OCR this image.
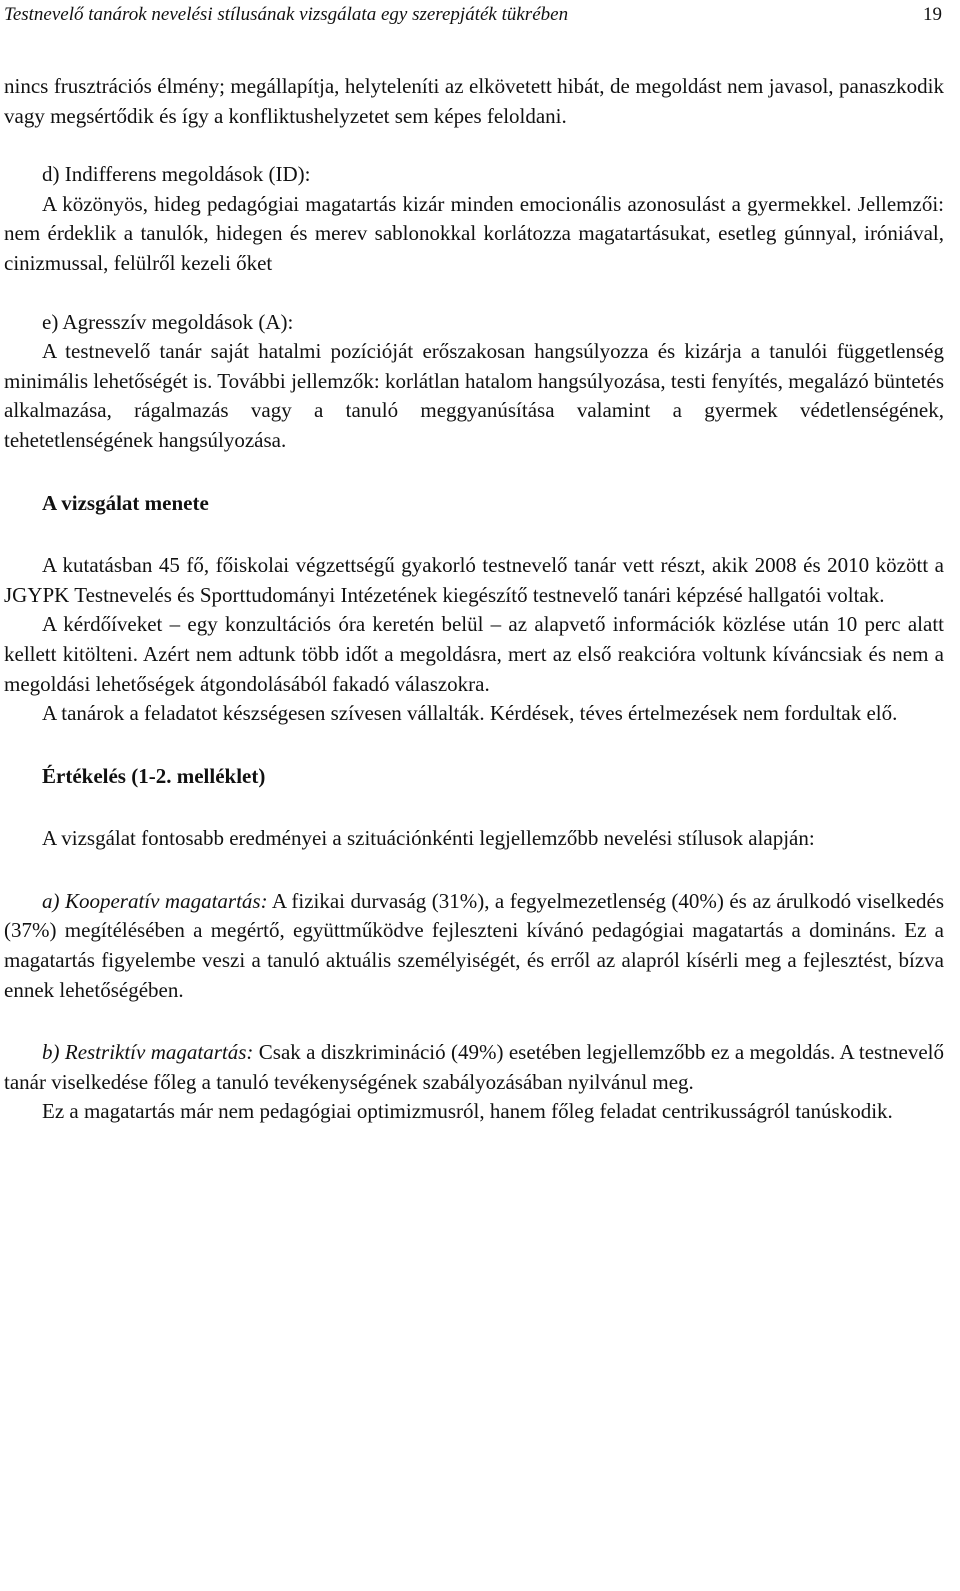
Testnevelő tanárok nevelési stílusának vizsgálata egy szerepjáték tükrében	19

nincs frusztrációs élmény; megállapítja, helyteleníti az elkövetett hibát, de megoldást nem javasol, panaszkodik vagy megsértődik és így a konfliktushelyzetet sem képes feloldani.

d) Indifferens megoldások (ID):

A közönyös, hideg pedagógiai magatartás kizár minden emocionális azonosulást a gyermekkel. Jellemzői: nem érdeklik a tanulók, hidegen és merev sablonokkal korlátozza magatartásukat, esetleg gúnnyal, iróniával, cinizmussal, felülről kezeli őket

e) Agresszív megoldások (A):

A testnevelő tanár saját hatalmi pozícióját erőszakosan hangsúlyozza és kizárja a tanulói függetlenség minimális lehetőségét is. További jellemzők: korlátlan hatalom hangsúlyozása, testi fenyítés, megalázó büntetés alkalmazása, rágalmazás vagy a tanuló meggyanúsítása valamint a gyermek védetlenségének, tehetetlenségének hangsúlyozása.

A vizsgálat menete

A kutatásban 45 fő, főiskolai végzettségű gyakorló testnevelő tanár vett részt, akik 2008 és 2010 között a JGYPK Testnevelés és Sporttudományi Intézetének kiegészítő testnevelő tanári képzésé hallgatói voltak.

A kérdőíveket – egy konzultációs óra keretén belül – az alapvető információk közlése után 10 perc alatt kellett kitölteni. Azért nem adtunk több időt a megoldásra, mert az első reakcióra voltunk kíváncsiak és nem a megoldási lehetőségek átgondolásából fakadó válaszokra.

A tanárok a feladatot készségesen szívesen vállalták. Kérdések, téves értelmezések nem fordultak elő.

Értékelés (1-2. melléklet)

A vizsgálat fontosabb eredményei a szituációnkénti legjellemzőbb nevelési stílusok alapján:

a) Kooperatív magatartás: A fizikai durvaság (31%), a fegyelmezetlenség (40%) és az árulkodó viselkedés (37%) megítélésében a megértő, együttműködve fejleszteni kívánó pedagógiai magatartás a domináns. Ez a magatartás figyelembe veszi a tanuló aktuális személyiségét, és erről az alapról kísérli meg a fejlesztést, bízva ennek lehetőségében.

b) Restriktív magatartás: Csak a diszkrimináció (49%) esetében legjellemzőbb ez a megoldás. A testnevelő tanár viselkedése főleg a tanuló tevékenységének szabályozásában nyilvánul meg.

Ez a magatartás már nem pedagógiai optimizmusról, hanem főleg feladat centrikusságról tanúskodik.
